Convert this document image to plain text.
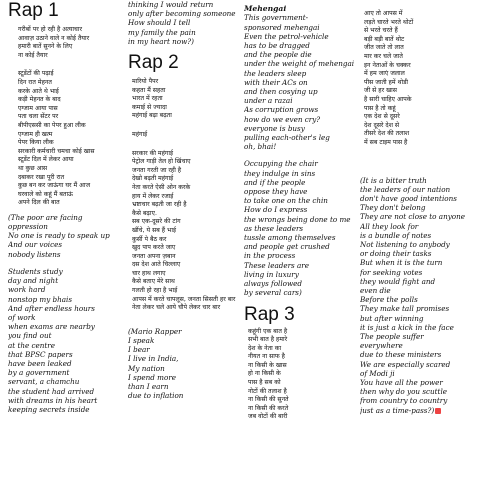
Rap 1
गरीबों पर हो रही है अत्याचार
आवाज़ उठाने वाले न कोई तैयार
हमारी बातें सुनने के लिए
ना कोई तैयार
स्टूडेंटों की पढ़ाई
दिन रात मेहनत
करके आते थे भाई
कड़ी मेहनत के बाद
एग्जाम आया पास
पता चला सेंटर पर
बीपीएससी का पेपर हुआ लीक
एग्जाम ही खत्म
पेपर किया लीक
सरकारी कर्मचारी चमचा कोई खास
स्टूडेंट दिल में लेकर आया
था कुछ आस
दबाकर रखा पूरी रात
कुछ बन कर जाऊंगा घर मैं आज
घरवाले को कहूं मैं बताऊं
अपने दिल की बात
(The poor are facing
oppression
No one is ready to speak up
And our voices
nobody listens
Students study
day and night
work hard
nonstop my bhais
And after endless hours
of work
when exams are nearby
you find out
at the centre
that BPSC papers
have been leaked
by a government
servant, a chamchu
the student had arrived
with dreams in his heart
keeping secrets inside
thinking I would return
only after becoming someone
How should I tell
my family the pain
in my heart now?)
Rap 2
मारियो पैपर
कहता मैं सहता
भारत में रहता
कमाई से ज्यादा
महंगाई बढ़ा बढ़ता
महंगाई
सरकार की महंगाई
पेट्रोल गाड़ी तेल हो खिंचाए
जनता गरती जा रही है
देखो बढ़ती महंगाई
नेता करते ऐसी ओन करके
हाय में लेकर रजाई
भ्रष्टाचार बढ़ती जा रही है
कैसे बढ़ाए.
सब एक-दूसरे की टांग
खींचे, ये सब हैं भाई
कुर्सी पे बैठ कर
खुद पाप करते जाए
जनता अपना ज़बान
दस देश आते चिल्लाए
चार हाथ लगाए
कैसे बताए मेरे साथ
गलती हो रहा है भाई
आपस में करते चापलूस, जनता सिसती हर बार
नेता लेकर चले आये चौपे लेकर चार बार
(Mario Rapper
I speak
I bear
I live in India,
My nation
I spend more
than I earn
due to inflation
Mehengai
This government-
sponsored mehengai
Even the petrol-vehicle
has to be dragged
and the people die
under the weight of mehengai
the leaders sleep
with their ACs on
and then cosying up
under a razai
As corruption grows
how do we even cry?
everyone is busy
pulling each-other's leg
oh, bhai!
Occupying the chair
they indulge in sins
and if the people
oppose they have
to take one on the chin
How do I express
the wrongs being done to me
as these leaders
tussle among themselves
and people get crushed
in the process
These leaders are
living in luxury
always followed
by several cars)
Rap 3
कहूंगी एक बात है
सभी बात है हमारे
देश के नेता का
नीयत ना साफ है
ना किसी के खास
हो ना किसी के
पास है सब को
नोटों की तलाश है
ना किसी की सुनते
ना किसी की करते
जब वोटों की बारी
आए तो आपस में
लड़ते चारते भरते थोटों
से भरते चरते हैं
बड़ी बड़ी बातें थोट
जीत जाते तो लात
मार कर चले जाते
इन नेताओं के चक्कर
में हम जाएं जलाल
पीस जाती हमें थोडी
जी से हर खास
है सारी चाहिए आपके
पास है तो कहूं
एक देश से दूसरे
देश दूसरे देश से
तीसरे देश की तलाश
में सब टाइम पास है
(It is a bitter truth
the leaders of our nation
don't have good intentions
They don't belong
They are not close to anyone
All they look for
is a bundle of notes
Not listening to anybody
or doing their tasks
But when it is the turn
for seeking votes
they would fight and
even die
Before the polls
They make tall promises
but after winning
it is just a kick in the face
The people suffer
everywhere
due to these ministers
We are especially scared
of Modi ji
You have all the power
then why do you scuttle
from country to country
just as a time-pass?)
